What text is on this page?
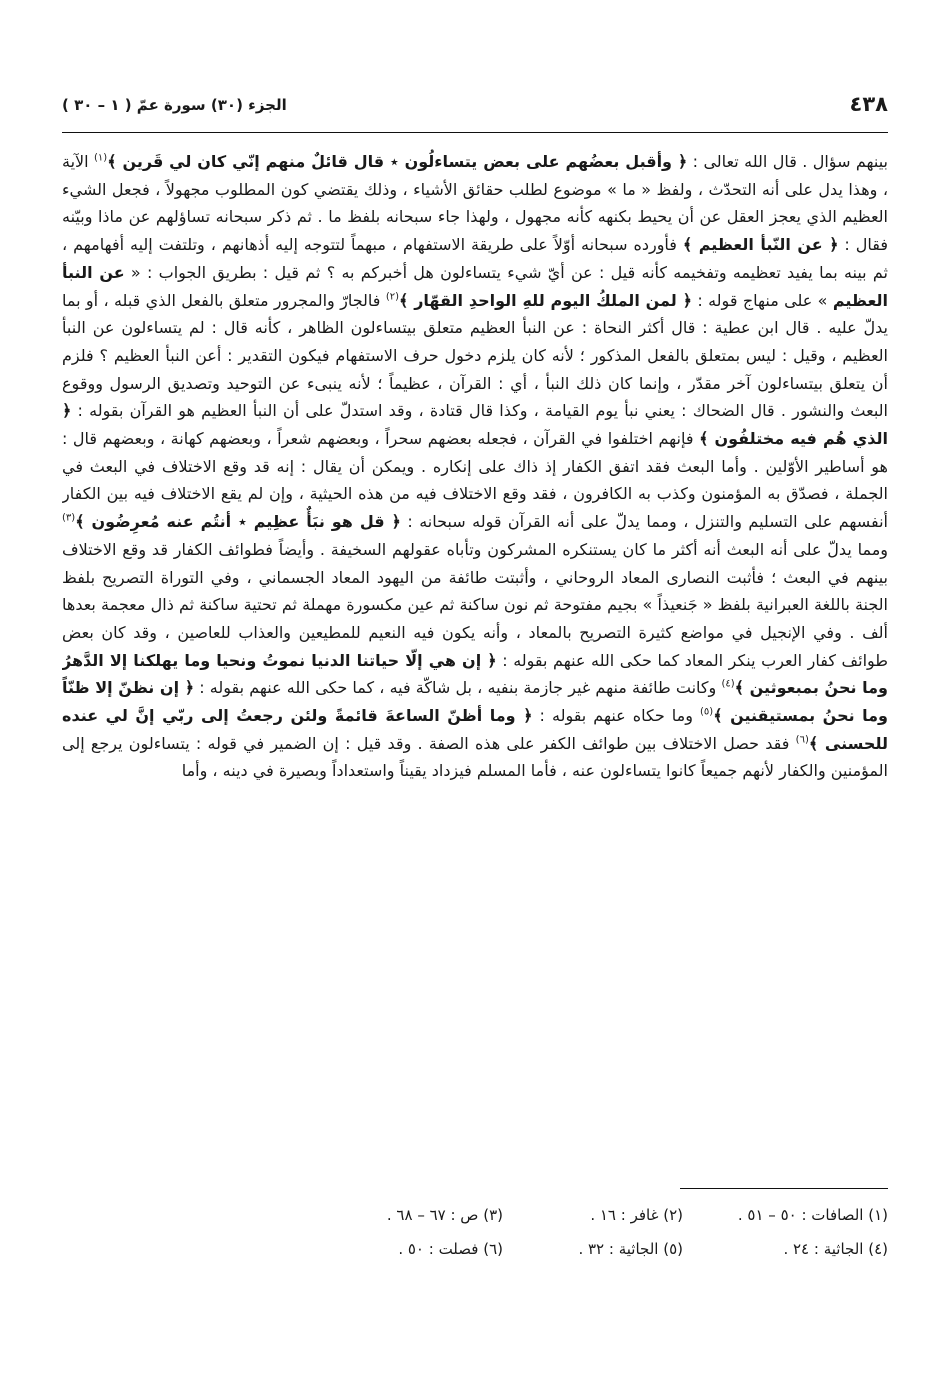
٤٣٨
الجزء (٣٠) سورة عمّ ( ١ – ٣٠ )

بينهم سؤال . قال الله تعالى : ﴿ وأقبل بعضُهم على بعض يتساءلُون ٭ قال قائلٌ منهم إنّي كان لي قَرين ﴾$^{(١)}$ الآية ، وهذا يدل على أنه التحدّث ، ولفظ « ما » موضوع لطلب حقائق الأشياء ، وذلك يقتضي كون المطلوب مجهولاً ، فجعل الشيء العظيم الذي يعجز العقل عن أن يحيط بكنهه كأنه مجهول ، ولهذا جاء سبحانه بلفظ ما . ثم ذكر سبحانه تساؤلهم عن ماذا وبيّنه فقال : ﴿ عن النّبأ العظيم ﴾ فأورده سبحانه أوّلاً على طريقة الاستفهام ، مبهماً لتتوجه إليه أذهانهم ، وتلتفت إليه أفهامهم ، ثم بينه بما يفيد تعظيمه وتفخيمه كأنه قيل : عن أيّ شيء يتساءلون هل أخبركم به ؟ ثم قيل : بطريق الجواب : « عن النبأ العظيم » على منهاج قوله : ﴿ لمن الملكُ اليوم للهِ الواحدِ القهّار ﴾$^{(٢)}$ فالجارّ والمجرور متعلق بالفعل الذي قبله ، أو بما يدلّ عليه . قال ابن عطية : قال أكثر النحاة : عن النبأ العظيم متعلق بيتساءلون الظاهر ، كأنه قال : لم يتساءلون عن النبأ العظيم ، وقيل : ليس بمتعلق بالفعل المذكور ؛ لأنه كان يلزم دخول حرف الاستفهام فيكون التقدير : أعن النبأ العظيم ؟ فلزم أن يتعلق بيتساءلون آخر مقدّر ، وإنما كان ذلك النبأ ، أي : القرآن ، عظيماً ؛ لأنه ينبىء عن التوحيد وتصديق الرسول ووقوع البعث والنشور . قال الضحاك : يعني نبأ يوم القيامة ، وكذا قال قتادة ، وقد استدلّ على أن النبأ العظيم هو القرآن بقوله : ﴿ الذي هُم فيه مختلفُون ﴾ فإنهم اختلفوا في القرآن ، فجعله بعضهم سحراً ، وبعضهم شعراً ، وبعضهم كهانة ، وبعضهم قال : هو أساطير الأوّلين . وأما البعث فقد اتفق الكفار إذ ذاك على إنكاره . ويمكن أن يقال : إنه قد وقع الاختلاف في البعث في الجملة ، فصدّق به المؤمنون وكذب به الكافرون ، فقد وقع الاختلاف فيه من هذه الحيثية ، وإن لم يقع الاختلاف فيه بين الكفار أنفسهم على التسليم والتنزل ، ومما يدلّ على أنه القرآن قوله سبحانه : ﴿ قل هو نبَأٌ عظِيم ٭ أنتُم عنه مُعرِضُون ﴾$^{(٣)}$ ومما يدلّ على أنه البعث أنه أكثر ما كان يستنكره المشركون وتأباه عقولهم السخيفة . وأيضاً فطوائف الكفار قد وقع الاختلاف بينهم في البعث ؛ فأثبت النصارى المعاد الروحاني ، وأثبتت طائفة من اليهود المعاد الجسماني ، وفي التوراة التصريح بلفظ الجنة باللغة العبرانية بلفظ « جَنعيذاً » بجيم مفتوحة ثم نون ساكنة ثم عين مكسورة مهملة ثم تحتية ساكنة ثم ذال معجمة بعدها ألف . وفي الإنجيل في مواضع كثيرة التصريح بالمعاد ، وأنه يكون فيه النعيم للمطيعين والعذاب للعاصين ، وقد كان بعض طوائف كفار العرب ينكر المعاد كما حكى الله عنهم بقوله : ﴿ إن هي إلّا حياتنا الدنيا نموتُ ونحيا وما يهلكنا إلا الدَّهرُ وما نحنُ بمبعوثين ﴾$^{(٤)}$ وكانت طائفة منهم غير جازمة بنفيه ، بل شاكّة فيه ، كما حكى الله عنهم بقوله : ﴿ إن نظنّ إلا ظنّاً وما نحنُ بمستيقنين ﴾$^{(٥)}$ وما حكاه عنهم بقوله : ﴿ وما أظنّ الساعةَ قائمةً ولئن رجعتُ إلى ربّي إنَّ لي عنده للحسنى ﴾$^{(٦)}$ فقد حصل الاختلاف بين طوائف الكفر على هذه الصفة . وقد قيل : إن الضمير في قوله : يتساءلون يرجع إلى المؤمنين والكفار لأنهم جميعاً كانوا يتساءلون عنه ، فأما المسلم فيزداد يقيناً واستعداداً وبصيرة في دينه ، وأما

(١) الصافات : ٥٠ – ٥١ .
(٢) غافر : ١٦ .
(٣) ص : ٦٧ – ٦٨ .
(٤) الجاثية : ٢٤ .
(٥) الجاثية : ٣٢ .
(٦) فصلت : ٥٠ .
